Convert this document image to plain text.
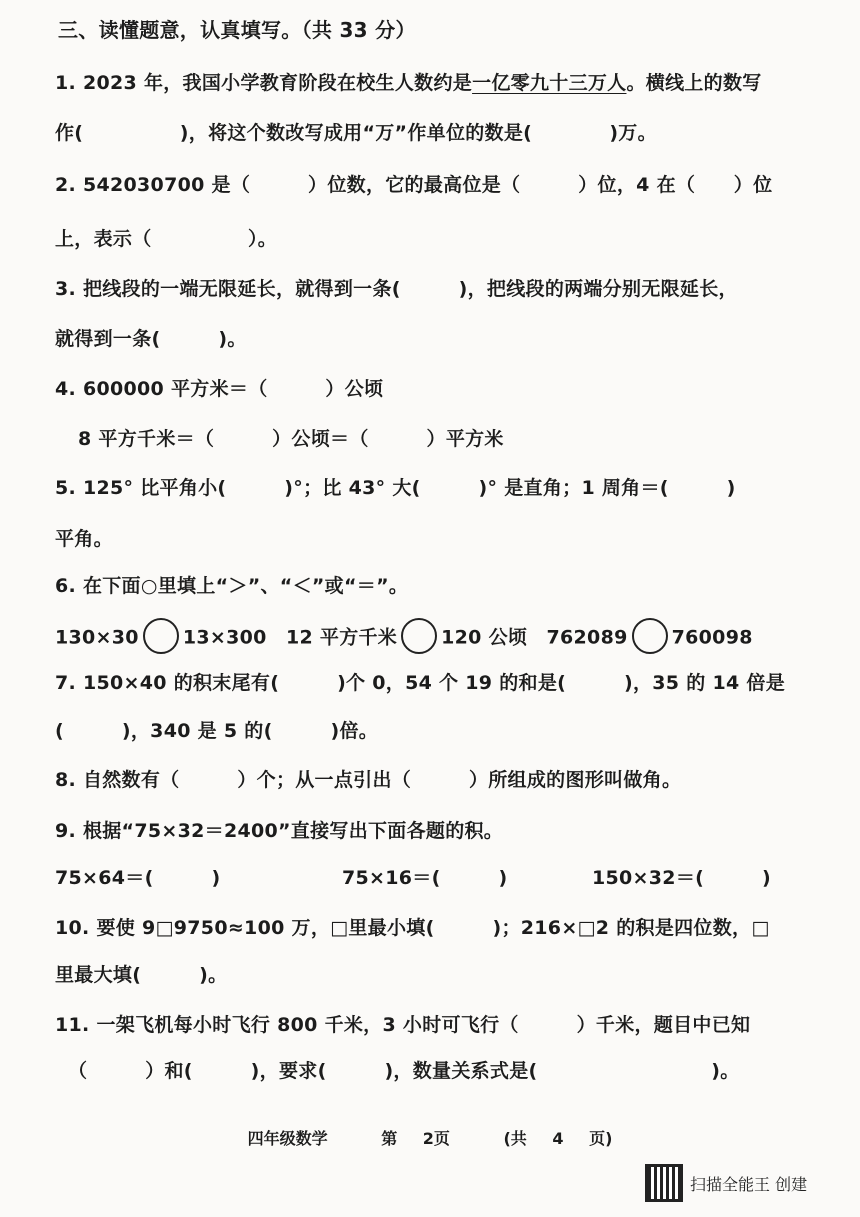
三、读懂题意，认真填写。（共 33 分）
1. 2023 年，我国小学教育阶段在校生人数约是一亿零九十三万人。横线上的数写
作(　　　　　)，将这个数改写成用“万”作单位的数是(　　　　)万。
2. 542030700 是（　　　）位数，它的最高位是（　　　）位，4 在（　　）位
上，表示（　　　　　）。
3. 把线段的一端无限延长，就得到一条(　　　)，把线段的两端分别无限延长，
就得到一条(　　　)。
4. 600000 平方米＝（　　　）公顷
8 平方千米＝（　　　）公顷＝（　　　）平方米
5. 125° 比平角小(　　　)°；比 43° 大(　　　)° 是直角；1 周角＝(　　　)
平角。
6. 在下面○里填上“＞”、“＜”或“＝”。
130×30 13×300　12 平方千米 120 公顷　762089 760098
7. 150×40 的积末尾有(　　　)个 0，54 个 19 的和是(　　　)，35 的 14 倍是
(　　　)，340 是 5 的(　　　)倍。
8. 自然数有（　　　）个；从一点引出（　　　）所组成的图形叫做角。
9. 根据“75×32＝2400”直接写出下面各题的积。
75×64＝(　　　)	75×16＝(　　　)	150×32＝(　　　)
10. 要使 9□9750≈100 万，□里最小填(　　　)；216×□2 的积是四位数，□
里最大填(　　　)。
11. 一架飞机每小时飞行 800 千米，3 小时可飞行（　　　）千米，题目中已知
（　　　）和(　　　)，要求(　　　)，数量关系式是(　　　　　　　　　)。
四年级数学	第 2页	(共 4 页)
扫描全能王 创建
